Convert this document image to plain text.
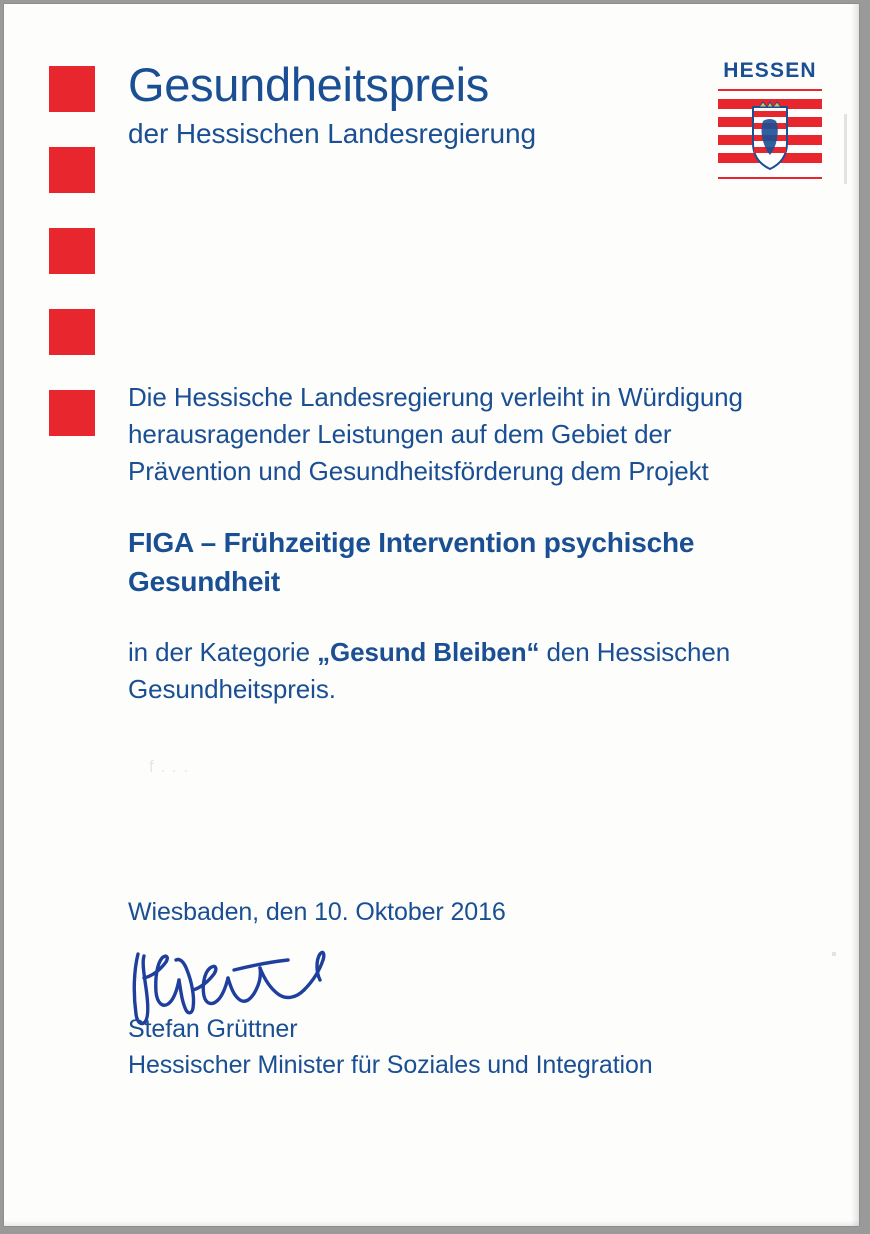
Gesundheitspreis
der Hessischen Landesregierung
HESSEN
Die Hessische Landesregierung verleiht in Würdigung herausragender Leistungen auf dem Gebiet der Prävention und Gesundheitsförderung dem Projekt
FIGA – Frühzeitige Intervention psychische Gesundheit
in der Kategorie „Gesund Bleiben“ den Hessischen Gesundheitspreis.
f . . .
Wiesbaden, den 10. Oktober 2016
Stefan Grüttner
Hessischer Minister für Soziales und Integration
